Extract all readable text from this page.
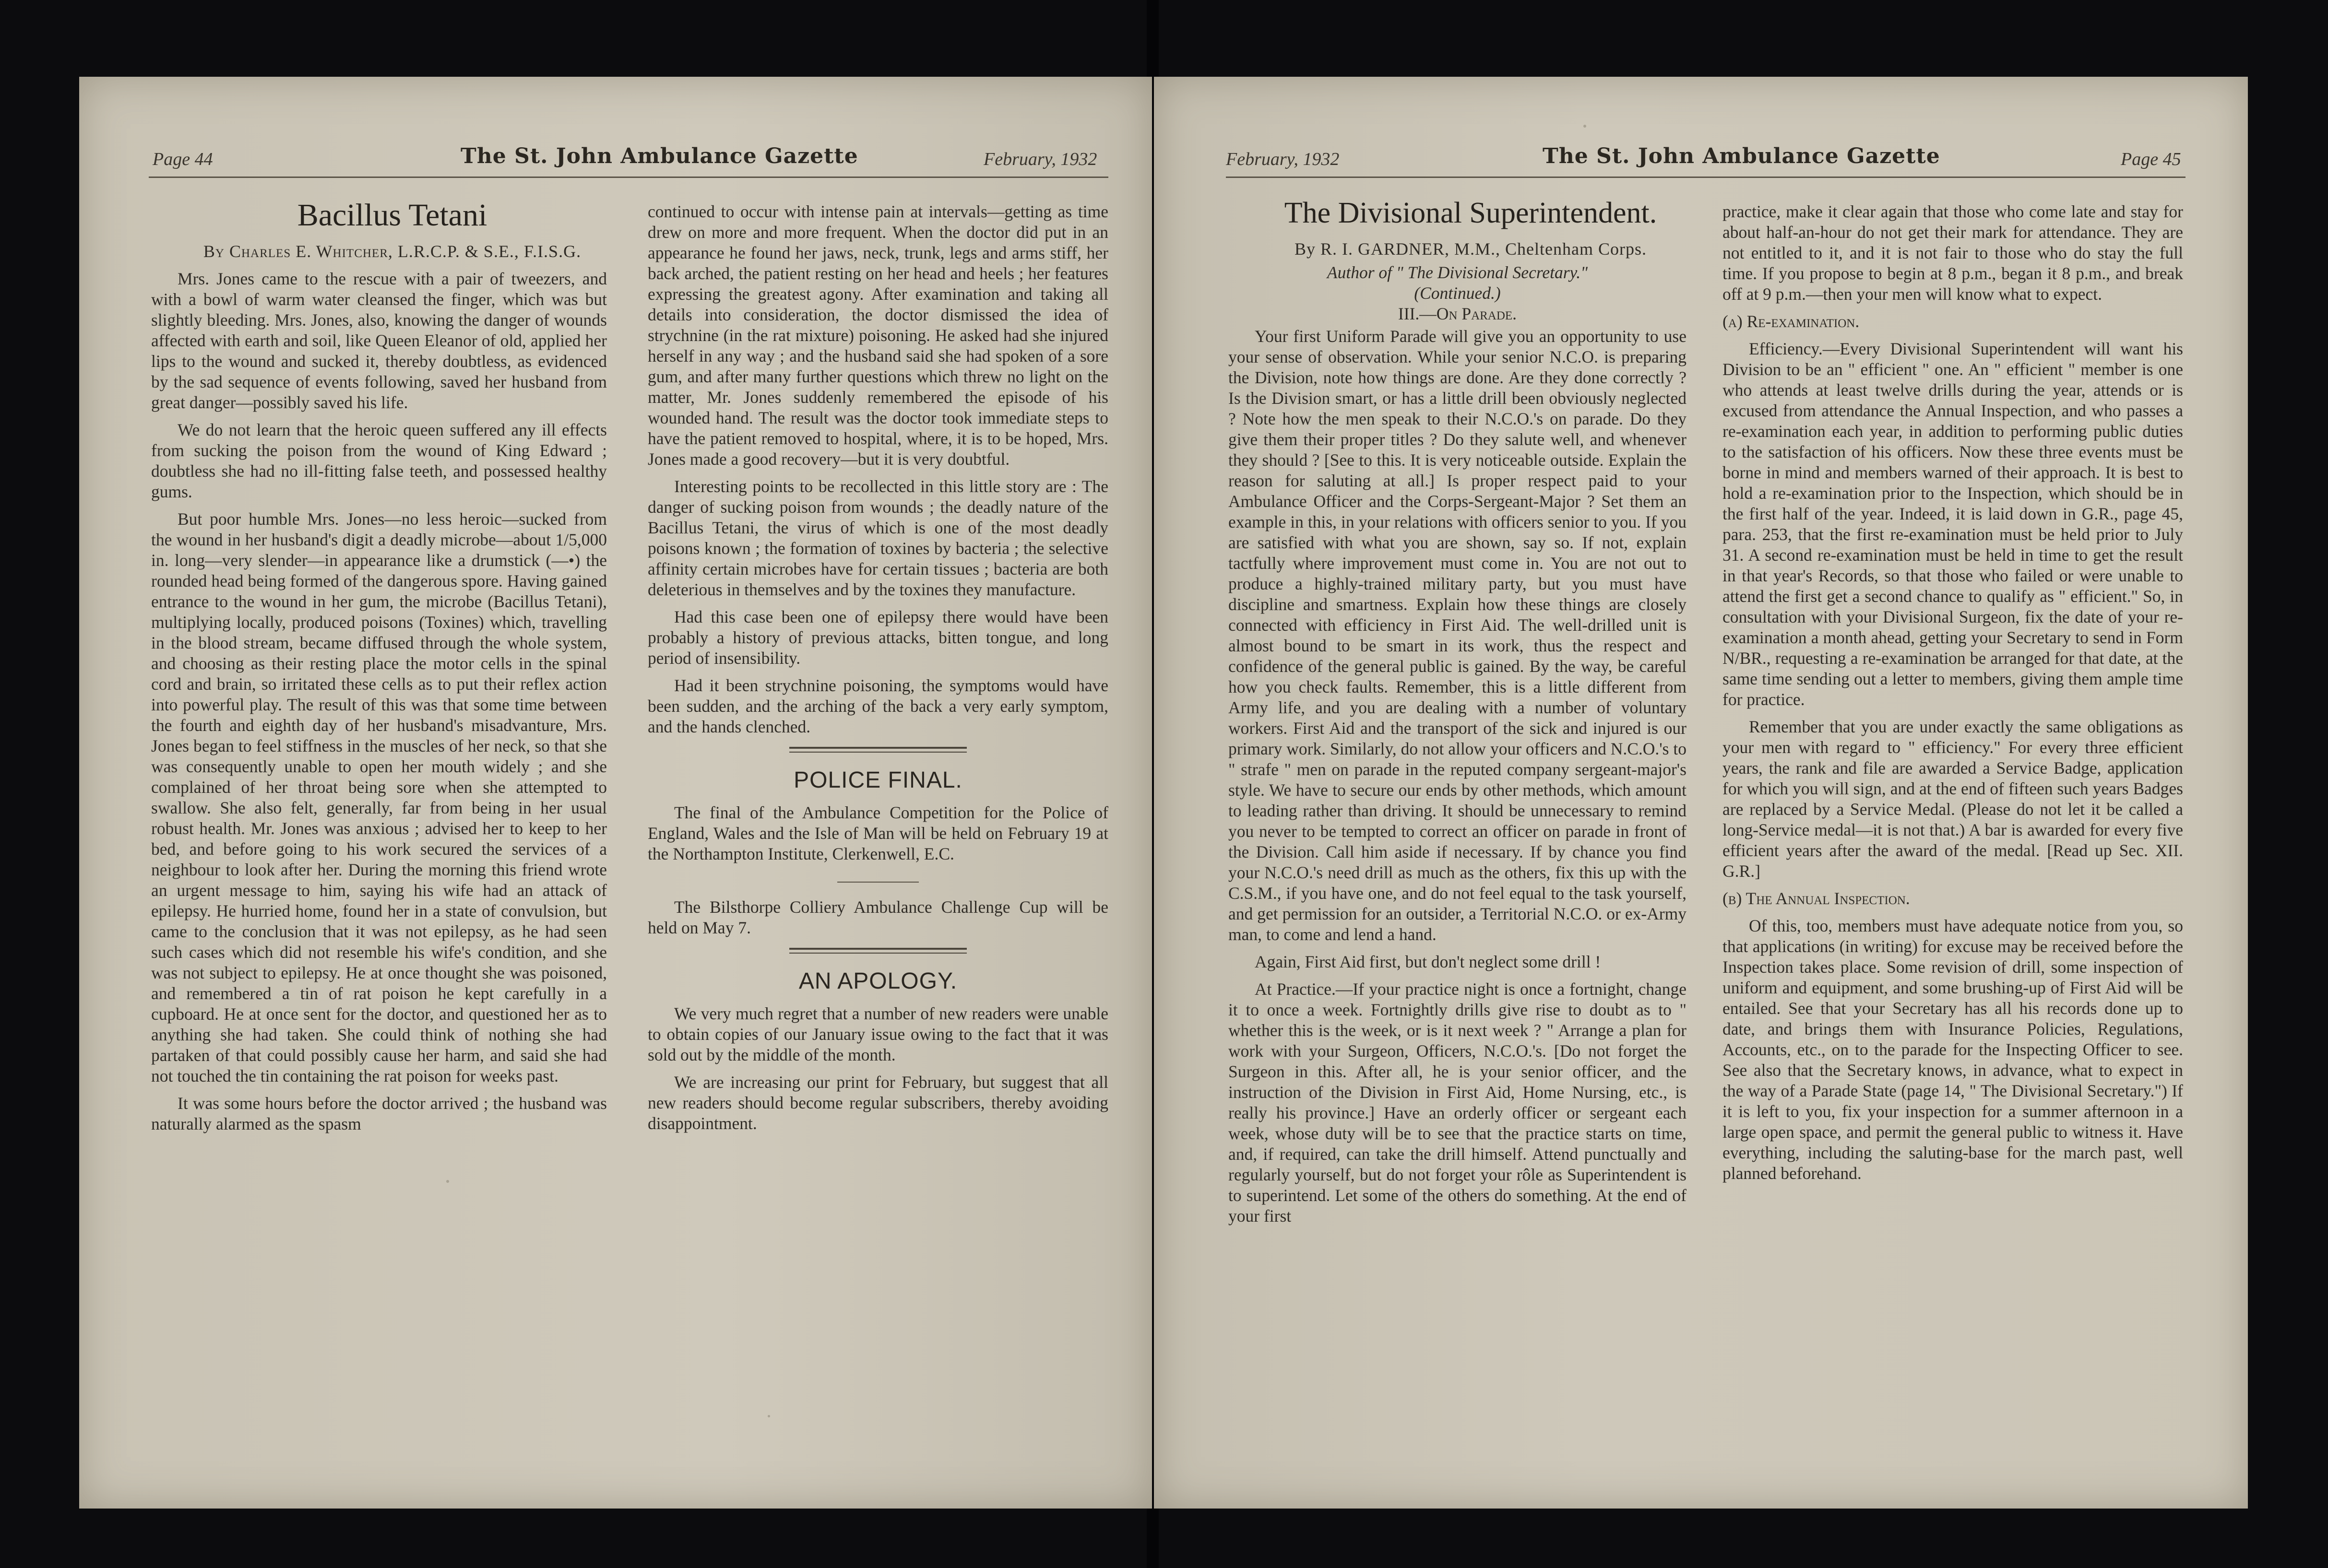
Page 44	The St. John Ambulance Gazette	February, 1932

Bacillus Tetani

By Charles E. Whitcher, L.R.C.P. & S.E., F.I.S.G.

Mrs. Jones came to the rescue with a pair of tweezers, and with a bowl of warm water cleansed the finger, which was but slightly bleeding. Mrs. Jones, also, knowing the danger of wounds affected with earth and soil, like Queen Eleanor of old, applied her lips to the wound and sucked it, thereby doubtless, as evidenced by the sad sequence of events following, saved her husband from great danger—possibly saved his life.

We do not learn that the heroic queen suffered any ill effects from sucking the poison from the wound of King Edward ; doubtless she had no ill-fitting false teeth, and possessed healthy gums.

But poor humble Mrs. Jones—no less heroic—sucked from the wound in her husband's digit a deadly microbe—about 1/5,000 in. long—very slender—in appearance like a drumstick (—•) the rounded head being formed of the dangerous spore. Having gained entrance to the wound in her gum, the microbe (Bacillus Tetani), multiplying locally, produced poisons (Toxines) which, travelling in the blood stream, became diffused through the whole system, and choosing as their resting place the motor cells in the spinal cord and brain, so irritated these cells as to put their reflex action into powerful play. The result of this was that some time between the fourth and eighth day of her husband's misadvanture, Mrs. Jones began to feel stiffness in the muscles of her neck, so that she was consequently unable to open her mouth widely ; and she complained of her throat being sore when she attempted to swallow. She also felt, generally, far from being in her usual robust health. Mr. Jones was anxious ; advised her to keep to her bed, and before going to his work secured the services of a neighbour to look after her. During the morning this friend wrote an urgent message to him, saying his wife had an attack of epilepsy. He hurried home, found her in a state of convulsion, but came to the conclusion that it was not epilepsy, as he had seen such cases which did not resemble his wife's condition, and she was not subject to epilepsy. He at once thought she was poisoned, and remembered a tin of rat poison he kept carefully in a cupboard. He at once sent for the doctor, and questioned her as to anything she had taken. She could think of nothing she had partaken of that could possibly cause her harm, and said she had not touched the tin containing the rat poison for weeks past.

It was some hours before the doctor arrived ; the husband was naturally alarmed as the spasm

continued to occur with intense pain at intervals—getting as time drew on more and more frequent. When the doctor did put in an appearance he found her jaws, neck, trunk, legs and arms stiff, her back arched, the patient resting on her head and heels ; her features expressing the greatest agony. After examination and taking all details into consideration, the doctor dismissed the idea of strychnine (in the rat mixture) poisoning. He asked had she injured herself in any way ; and the husband said she had spoken of a sore gum, and after many further questions which threw no light on the matter, Mr. Jones suddenly remembered the episode of his wounded hand. The result was the doctor took immediate steps to have the patient removed to hospital, where, it is to be hoped, Mrs. Jones made a good recovery—but it is very doubtful.

Interesting points to be recollected in this little story are : The danger of sucking poison from wounds ; the deadly nature of the Bacillus Tetani, the virus of which is one of the most deadly poisons known ; the formation of toxines by bacteria ; the selective affinity certain microbes have for certain tissues ; bacteria are both deleterious in themselves and by the toxines they manufacture.

Had this case been one of epilepsy there would have been probably a history of previous attacks, bitten tongue, and long period of insensibility.

Had it been strychnine poisoning, the symptoms would have been sudden, and the arching of the back a very early symptom, and the hands clenched.

POLICE FINAL.

The final of the Ambulance Competition for the Police of England, Wales and the Isle of Man will be held on February 19 at the Northampton Institute, Clerkenwell, E.C.

The Bilsthorpe Colliery Ambulance Challenge Cup will be held on May 7.

AN APOLOGY.

We very much regret that a number of new readers were unable to obtain copies of our January issue owing to the fact that it was sold out by the middle of the month.

We are increasing our print for February, but suggest that all new readers should become regular subscribers, thereby avoiding disappointment.

February, 1932	The St. John Ambulance Gazette	Page 45

The Divisional Superintendent.

By R. I. GARDNER, M.M., Cheltenham Corps.

Author of " The Divisional Secretary."

(Continued.)

III.—On Parade.

Your first Uniform Parade will give you an opportunity to use your sense of observation. While your senior N.C.O. is preparing the Division, note how things are done. Are they done correctly ? Is the Division smart, or has a little drill been obviously neglected ? Note how the men speak to their N.C.O.'s on parade. Do they give them their proper titles ? Do they salute well, and whenever they should ? [See to this. It is very noticeable outside. Explain the reason for saluting at all.] Is proper respect paid to your Ambulance Officer and the Corps-Sergeant-Major ? Set them an example in this, in your relations with officers senior to you. If you are satisfied with what you are shown, say so. If not, explain tactfully where improvement must come in. You are not out to produce a highly-trained military party, but you must have discipline and smartness. Explain how these things are closely connected with efficiency in First Aid. The well-drilled unit is almost bound to be smart in its work, thus the respect and confidence of the general public is gained. By the way, be careful how you check faults. Remember, this is a little different from Army life, and you are dealing with a number of voluntary workers. First Aid and the transport of the sick and injured is our primary work. Similarly, do not allow your officers and N.C.O.'s to " strafe " men on parade in the reputed company sergeant-major's style. We have to secure our ends by other methods, which amount to leading rather than driving. It should be unnecessary to remind you never to be tempted to correct an officer on parade in front of the Division. Call him aside if necessary. If by chance you find your N.C.O.'s need drill as much as the others, fix this up with the C.S.M., if you have one, and do not feel equal to the task yourself, and get permission for an outsider, a Territorial N.C.O. or ex-Army man, to come and lend a hand.

Again, First Aid first, but don't neglect some drill !

At Practice.—If your practice night is once a fortnight, change it to once a week. Fortnightly drills give rise to doubt as to " whether this is the week, or is it next week ? " Arrange a plan for work with your Surgeon, Officers, N.C.O.'s. [Do not forget the Surgeon in this. After all, he is your senior officer, and the instruction of the Division in First Aid, Home Nursing, etc., is really his province.] Have an orderly officer or sergeant each week, whose duty will be to see that the practice starts on time, and, if required, can take the drill himself. Attend punctually and regularly yourself, but do not forget your rôle as Superintendent is to superintend. Let some of the others do something. At the end of your first

practice, make it clear again that those who come late and stay for about half-an-hour do not get their mark for attendance. They are not entitled to it, and it is not fair to those who do stay the full time. If you propose to begin at 8 p.m., began it 8 p.m., and break off at 9 p.m.—then your men will know what to expect.

(a) Re-examination.

Efficiency.—Every Divisional Superintendent will want his Division to be an " efficient " one. An " efficient " member is one who attends at least twelve drills during the year, attends or is excused from attendance the Annual Inspection, and who passes a re-examination each year, in addition to performing public duties to the satisfaction of his officers. Now these three events must be borne in mind and members warned of their approach. It is best to hold a re-examination prior to the Inspection, which should be in the first half of the year. Indeed, it is laid down in G.R., page 45, para. 253, that the first re-examination must be held prior to July 31. A second re-examination must be held in time to get the result in that year's Records, so that those who failed or were unable to attend the first get a second chance to qualify as " efficient." So, in consultation with your Divisional Surgeon, fix the date of your re-examination a month ahead, getting your Secretary to send in Form N/BR., requesting a re-examination be arranged for that date, at the same time sending out a letter to members, giving them ample time for practice.

Remember that you are under exactly the same obligations as your men with regard to " efficiency." For every three efficient years, the rank and file are awarded a Service Badge, application for which you will sign, and at the end of fifteen such years Badges are replaced by a Service Medal. (Please do not let it be called a long-Service medal—it is not that.) A bar is awarded for every five efficient years after the award of the medal. [Read up Sec. XII. G.R.]

(b) The Annual Inspection.

Of this, too, members must have adequate notice from you, so that applications (in writing) for excuse may be received before the Inspection takes place. Some revision of drill, some inspection of uniform and equipment, and some brushing-up of First Aid will be entailed. See that your Secretary has all his records done up to date, and brings them with Insurance Policies, Regulations, Accounts, etc., on to the parade for the Inspecting Officer to see. See also that the Secretary knows, in advance, what to expect in the way of a Parade State (page 14, " The Divisional Secretary.") If it is left to you, fix your inspection for a summer afternoon in a large open space, and permit the general public to witness it. Have everything, including the saluting-base for the march past, well planned beforehand.
